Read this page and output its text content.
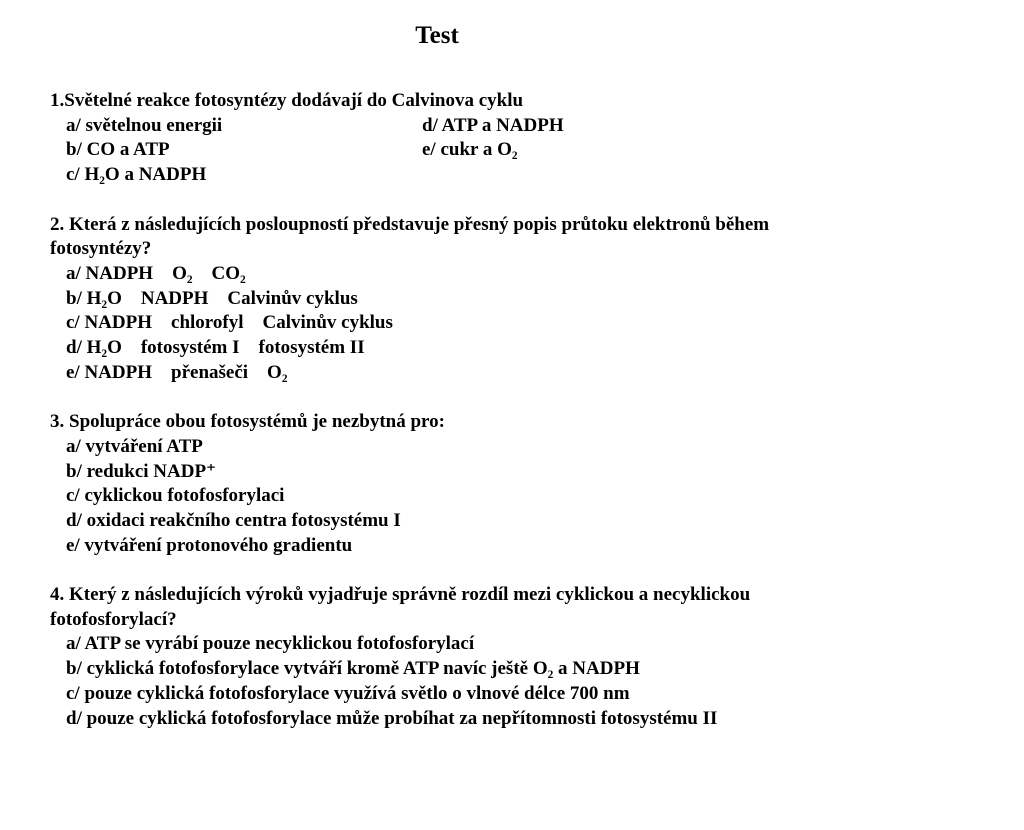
Test
1.Světelné reakce fotosyntézy dodávají do Calvinova cyklu
a/ světelnou energii	d/ ATP a NADPH
b/ CO a ATP	e/ cukr a O₂
c/ H₂O a NADPH
2. Která z následujících posloupností představuje přesný popis průtoku elektronů během
fotosyntézy?
a/ NADPH    O₂    CO₂
b/ H₂O    NADPH    Calvinův cyklus
c/ NADPH    chlorofyl    Calvinův cyklus
d/ H₂O    fotosystém I    fotosystém II
e/ NADPH    přenašeči    O₂
3. Spolupráce obou fotosystémů je nezbytná pro:
a/ vytváření ATP
b/ redukci NADP⁺
c/ cyklickou fotofosforylaci
d/ oxidaci reakčního centra fotosystému I
e/ vytváření protonového gradientu
4. Který z následujících výroků vyjadřuje správně rozdíl mezi cyklickou a necyklickou
fotofosforylací?
a/ ATP se vyrábí pouze necyklickou fotofosforylací
b/ cyklická fotofosforylace vytváří kromě ATP navíc ještě O₂ a NADPH
c/ pouze cyklická fotofosforylace využívá světlo o vlnové délce 700 nm
d/ pouze cyklická fotofosforylace může probíhat za nepřítomnosti fotosystému II
